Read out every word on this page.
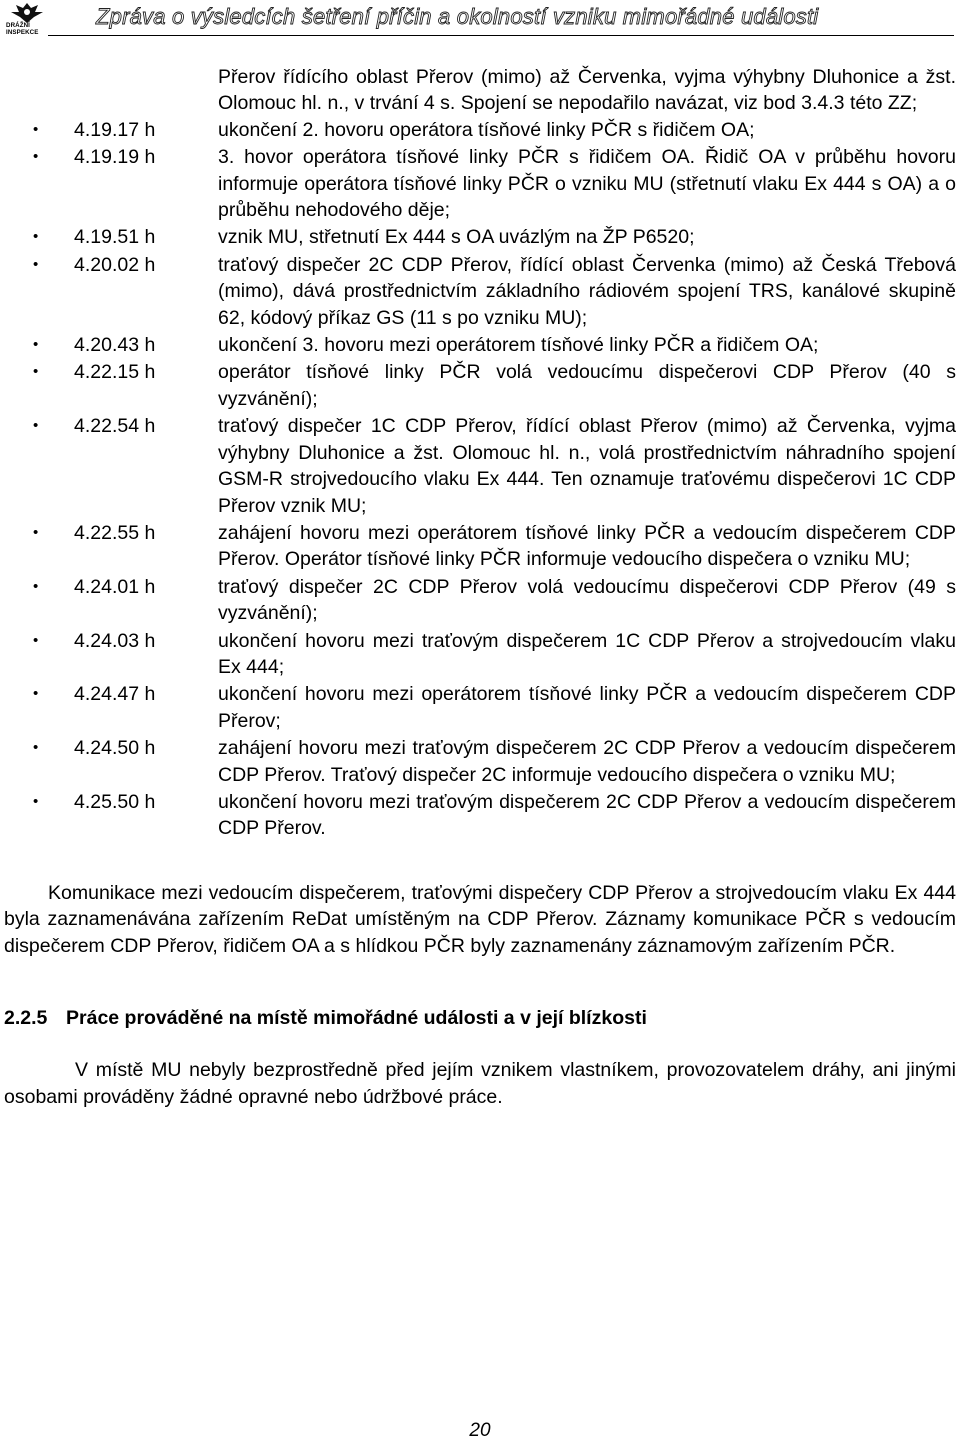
DRÁŽNÍ
INSPEKCE
Zpráva o výsledcích šetření příčin a okolností vzniku mimořádné události
Přerov řídícího oblast Přerov (mimo) až Červenka, vyjma výhybny Dluhonice a žst. Olomouc hl. n., v trvání 4 s. Spojení se nepodařilo navázat, viz bod 3.4.3 této ZZ;
• 4.19.17 h	ukončení 2. hovoru operátora tísňové linky PČR s řidičem OA;
• 4.19.19 h	3. hovor operátora tísňové linky PČR s řidičem OA. Řidič OA v průběhu hovoru informuje operátora tísňové linky PČR o vzniku MU (střetnutí vlaku Ex 444 s OA) a o průběhu nehodového děje;
• 4.19.51 h	vznik MU, střetnutí Ex 444 s OA uvázlým na ŽP P6520;
• 4.20.02 h	traťový dispečer 2C CDP Přerov, řídící oblast Červenka (mimo) až Česká Třebová (mimo), dává prostřednictvím základního rádiovém spojení TRS, kanálové skupině 62, kódový příkaz GS (11 s po vzniku MU);
• 4.20.43 h	ukončení 3. hovoru mezi operátorem tísňové linky PČR a řidičem OA;
• 4.22.15 h	operátor tísňové linky PČR volá vedoucímu dispečerovi CDP Přerov (40 s vyzvánění);
• 4.22.54 h	traťový dispečer 1C CDP Přerov, řídící oblast Přerov (mimo) až Červenka, vyjma výhybny Dluhonice a žst. Olomouc hl. n., volá prostřednictvím náhradního spojení GSM-R strojvedoucího vlaku Ex 444. Ten oznamuje traťovému dispečerovi 1C CDP Přerov vznik MU;
• 4.22.55 h	zahájení hovoru mezi operátorem tísňové linky PČR a vedoucím dispečerem CDP Přerov. Operátor tísňové linky PČR informuje vedoucího dispečera o vzniku MU;
• 4.24.01 h	traťový dispečer 2C CDP Přerov volá vedoucímu dispečerovi CDP Přerov (49 s vyzvánění);
• 4.24.03 h	ukončení hovoru mezi traťovým dispečerem 1C CDP Přerov a strojvedoucím vlaku Ex 444;
• 4.24.47 h	ukončení hovoru mezi operátorem tísňové linky PČR a vedoucím dispečerem CDP Přerov;
• 4.24.50 h	zahájení hovoru mezi traťovým dispečerem 2C CDP Přerov a vedoucím dispečerem CDP Přerov. Traťový dispečer 2C informuje vedoucího dispečera o vzniku MU;
• 4.25.50 h	ukončení hovoru mezi traťovým dispečerem 2C CDP Přerov a vedoucím dispečerem CDP Přerov.
Komunikace mezi vedoucím dispečerem, traťovými dispečery CDP Přerov a strojvedoucím vlaku Ex 444 byla zaznamenávána zařízením ReDat umístěným na CDP Přerov. Záznamy komunikace PČR s vedoucím dispečerem CDP Přerov, řidičem OA a s hlídkou PČR byly zaznamenány záznamovým zařízením PČR.
2.2.5 Práce prováděné na místě mimořádné události a v její blízkosti
V místě MU nebyly bezprostředně před jejím vznikem vlastníkem, provozovatelem dráhy, ani jinými osobami prováděny žádné opravné nebo údržbové práce.
20
